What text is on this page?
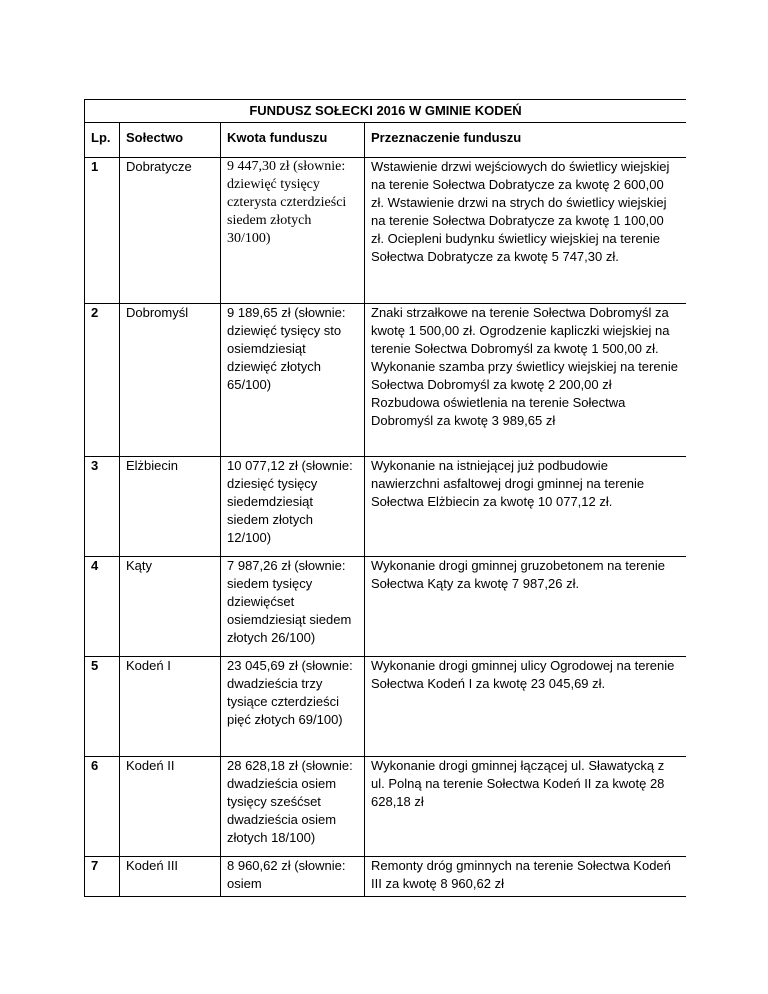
FUNDUSZ SOŁECKI 2016 W GMINIE KODEŃ			
Lp.	Sołectwo	Kwota funduszu	Przeznaczenie funduszu
1	Dobratycze	9 447,30 zł (słownie: dziewięć tysięcy czterysta czterdzieści siedem złotych 30/100)	Wstawienie drzwi wejściowych do świetlicy wiejskiej na terenie Sołectwa Dobratycze za kwotę 2 600,00 zł. Wstawienie drzwi na strych do świetlicy wiejskiej na terenie Sołectwa Dobratycze za kwotę 1 100,00 zł. Ociepleni budynku świetlicy wiejskiej na terenie Sołectwa Dobratycze za kwotę 5 747,30 zł.
2	Dobromyśl	9 189,65 zł (słownie: dziewięć tysięcy sto osiemdziesiąt dziewięć złotych 65/100)	Znaki strzałkowe na terenie Sołectwa Dobromyśl za kwotę 1 500,00 zł. Ogrodzenie kapliczki wiejskiej na terenie Sołectwa Dobromyśl za kwotę 1 500,00 zł. Wykonanie szamba przy świetlicy wiejskiej na terenie Sołectwa Dobromyśl za kwotę 2 200,00 zł Rozbudowa oświetlenia na terenie Sołectwa Dobromyśl za kwotę 3 989,65 zł
3	Elżbiecin	10 077,12 zł (słownie: dziesięć tysięcy siedemdziesiąt siedem złotych 12/100)	Wykonanie na istniejącej już podbudowie nawierzchni asfaltowej drogi gminnej na terenie Sołectwa Elżbiecin za kwotę 10 077,12 zł.
4	Kąty	7 987,26 zł (słownie: siedem tysięcy dziewięćset osiemdziesiąt siedem złotych 26/100)	Wykonanie drogi gminnej gruzobetonem na terenie Sołectwa Kąty za kwotę 7 987,26 zł.
5	Kodeń I	23 045,69 zł (słownie: dwadzieścia trzy tysiące czterdzieści pięć złotych 69/100)	Wykonanie drogi gminnej ulicy Ogrodowej na terenie Sołectwa Kodeń I za kwotę 23 045,69 zł.
6	Kodeń II	28 628,18 zł (słownie: dwadzieścia osiem tysięcy sześćset dwadzieścia osiem złotych 18/100)	Wykonanie drogi gminnej łączącej ul. Sławatycką z ul. Polną na terenie Sołectwa Kodeń II za kwotę 28 628,18 zł
7	Kodeń III	8 960,62 zł (słownie: osiem	Remonty dróg gminnych na terenie Sołectwa Kodeń III za kwotę 8 960,62 zł
